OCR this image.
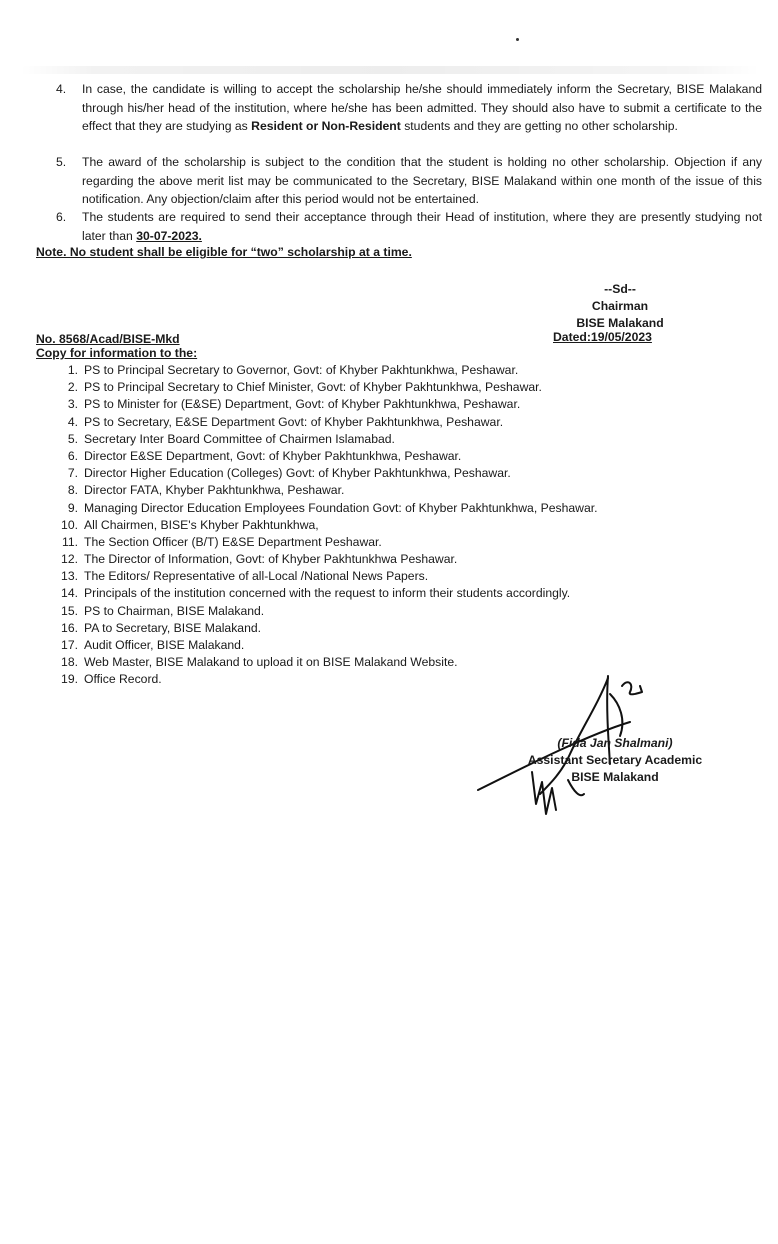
4.	In case, the candidate is willing to accept the scholarship he/she should immediately inform the Secretary, BISE Malakand through his/her head of the institution, where he/she has been admitted. They should also have to submit a certificate to the effect that they are studying as Resident or Non-Resident students and they are getting no other scholarship.
5.	The award of the scholarship is subject to the condition that the student is holding no other scholarship. Objection if any regarding the above merit list may be communicated to the Secretary, BISE Malakand within one month of the issue of this notification. Any objection/claim after this period would not be entertained.
6.	The students are required to send their acceptance through their Head of institution, where they are presently studying not later than 30-07-2023.
Note. No student shall be eligible for “two” scholarship at a time.
--Sd--
Chairman
BISE Malakand
No. 8568/Acad/BISE-Mkd	Dated:19/05/2023
Copy for information to the:
1. PS to Principal Secretary to Governor, Govt: of Khyber Pakhtunkhwa, Peshawar.
2. PS to Principal Secretary to Chief Minister, Govt: of Khyber Pakhtunkhwa, Peshawar.
3. PS to Minister for (E&SE) Department, Govt: of Khyber Pakhtunkhwa, Peshawar.
4. PS to Secretary, E&SE Department Govt: of Khyber Pakhtunkhwa, Peshawar.
5. Secretary Inter Board Committee of Chairmen Islamabad.
6. Director E&SE Department, Govt: of Khyber Pakhtunkhwa, Peshawar.
7. Director Higher Education (Colleges) Govt: of Khyber Pakhtunkhwa, Peshawar.
8. Director FATA, Khyber Pakhtunkhwa, Peshawar.
9. Managing Director Education Employees Foundation Govt: of Khyber Pakhtunkhwa, Peshawar.
10. All Chairmen, BISE's Khyber Pakhtunkhwa,
11. The Section Officer (B/T) E&SE Department Peshawar.
12. The Director of Information, Govt: of Khyber Pakhtunkhwa Peshawar.
13. The Editors/ Representative of all-Local /National News Papers.
14. Principals of the institution concerned with the request to inform their students accordingly.
15. PS to Chairman, BISE Malakand.
16. PA to Secretary, BISE Malakand.
17. Audit Officer, BISE Malakand.
18. Web Master, BISE Malakand to upload it on BISE Malakand Website.
19. Office Record.
(Fida Jan Shalmani)
Assistant Secretary Academic
BISE Malakand
